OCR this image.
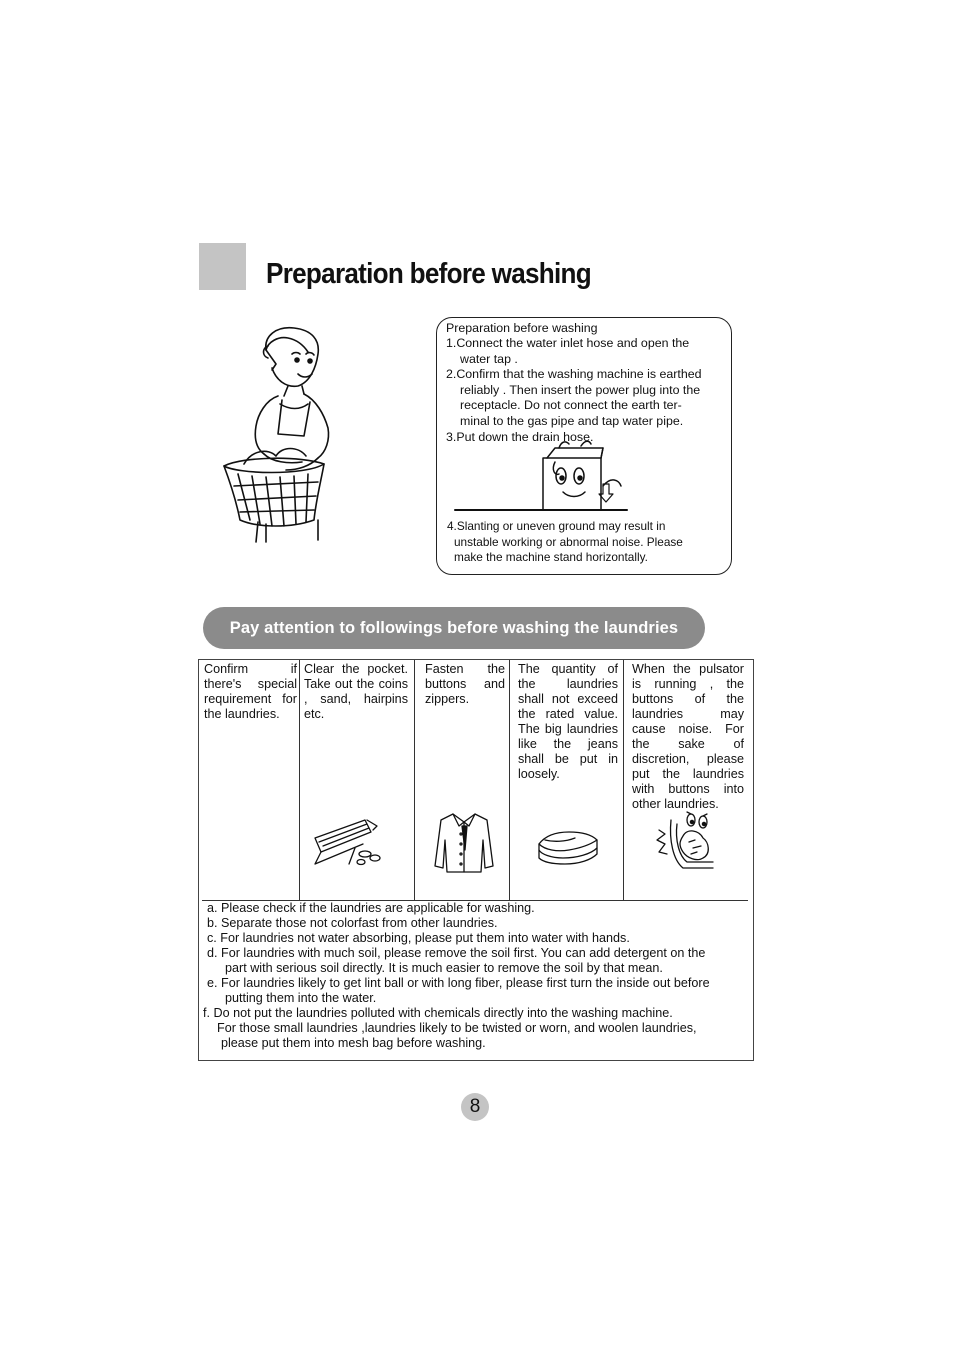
Preparation before washing
Preparation before washing
1.Connect the water inlet hose and open the
water tap .
2.Confirm that the washing machine is earthed
reliably . Then insert the power plug into the
receptacle. Do not connect the earth ter-
minal to the gas pipe and tap water pipe.
3.Put down the drain hose.
4.Slanting or uneven ground may result in
unstable working or abnormal noise. Please
make the machine stand horizontally.
Pay attention to followings before washing the laundries
Confirm if there's special requirement for the laundries.
Clear the pocket. Take out the coins , sand, hairpins etc.
Fasten the buttons and zippers.
The quantity of the laundries shall not exceed the rated value. The big laundries like the jeans shall be put in loosely.
When the pulsator is running , the buttons of the laundries may cause noise. For the sake of discretion, please put the laundries with buttons into other laundries.
a. Please check if the laundries are applicable for washing.
b. Separate those not colorfast from other laundries.
c. For laundries not water absorbing, please put them into water with hands.
d. For laundries with much soil, please remove the soil first. You can add detergent on the
part with serious soil directly. It is much easier to remove the soil by that mean.
e. For laundries likely to get lint ball or with long fiber, please first turn the inside out before
putting them into the water.
f. Do not put the laundries polluted with chemicals directly into the washing machine.
For those small laundries ,laundries likely to be twisted or worn, and woolen laundries,
please put them into mesh bag before washing.
8
